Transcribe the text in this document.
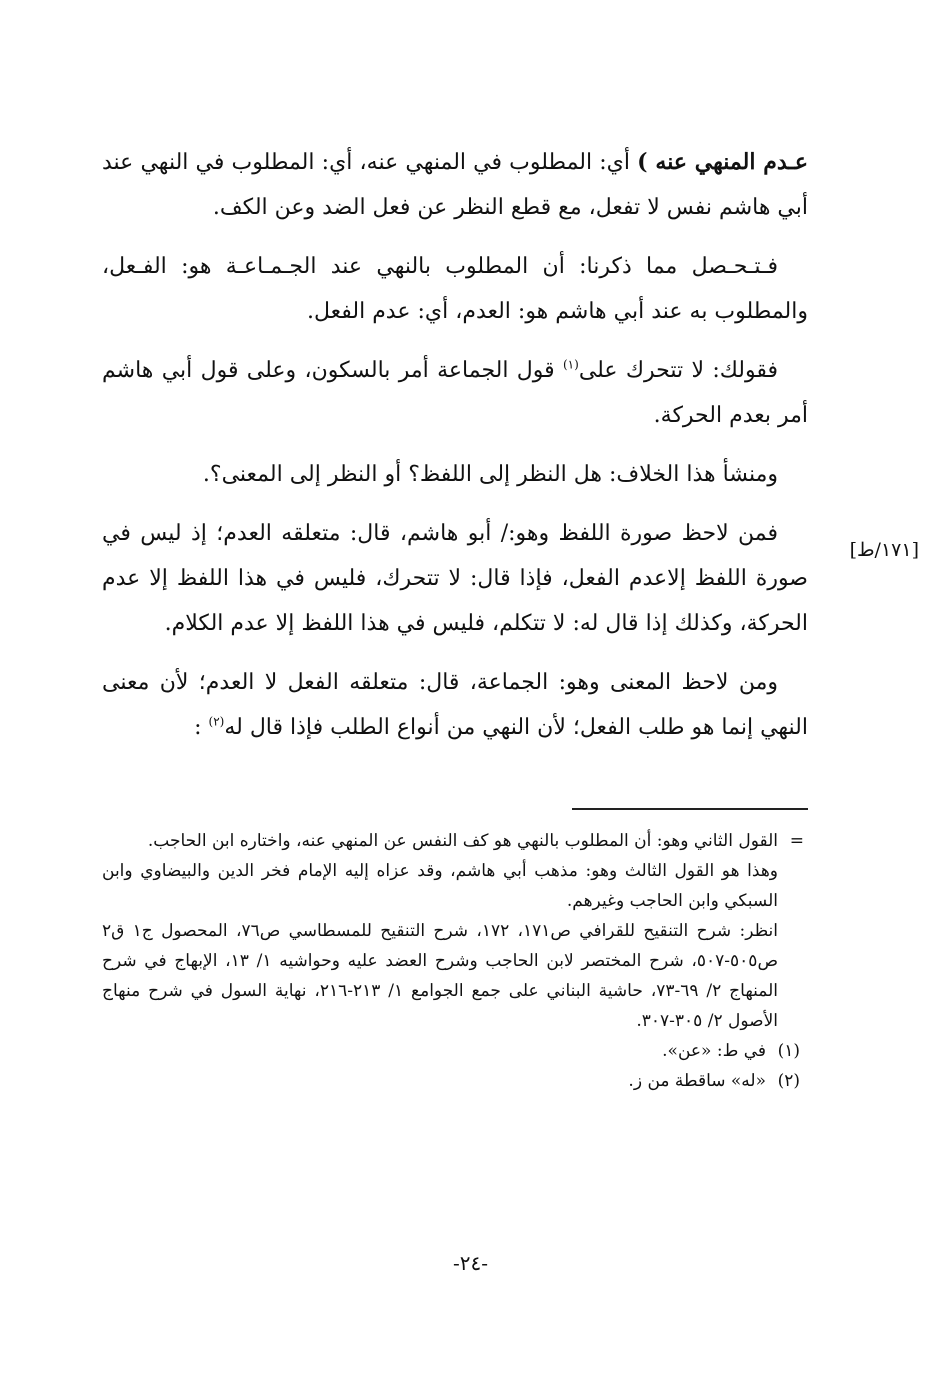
عـدم المنهي عنه ) أي: المطلوب في المنهي عنه، أي: المطلوب في النهي عند أبي هاشم نفس لا تفعل، مع قطع النظر عن فعل الضد وعن الكف.

فـتـحـصل مما ذكرنا: أن المطلوب بالنهي عند الجـمـاعـة هو: الفـعل، والمطلوب به عند أبي هاشم هو: العدم، أي: عدم الفعل.

فقولك: لا تتحرك على$^{(١)}$ قول الجماعة أمر بالسكون، وعلى قول أبي هاشم أمر بعدم الحركة.

ومنشأ هذا الخلاف: هل النظر إلى اللفظ؟ أو النظر إلى المعنى؟.

فمن لاحظ صورة اللفظ وهو:/ أبو هاشم، قال: متعلقه العدم؛ إذ ليس في صورة اللفظ إلاعدم الفعل، فإذا قال: لا تتحرك، فليس في هذا اللفظ إلا عدم الحركة، وكذلك إذا قال له: لا تتكلم، فليس في هذا اللفظ إلا عدم الكلام.

ومن لاحظ المعنى وهو: الجماعة، قال: متعلقه الفعل لا العدم؛ لأن معنى النهي إنما هو طلب الفعل؛ لأن النهي من أنواع الطلب فإذا قال له$^{(٢)}$ :

[١٧١/ط]

=
القول الثاني وهو: أن المطلوب بالنهي هو كف النفس عن المنهي عنه، واختاره ابن الحاجب.

وهذا هو القول الثالث وهو: مذهب أبي هاشم، وقد عزاه إليه الإمام فخر الدين والبيضاوي وابن السبكي وابن الحاجب وغيرهم.

انظر: شرح التنقيح للقرافي ص١٧١، ١٧٢، شرح التنقيح للمسطاسي ص٧٦، المحصول ج١ ق٢ ص٥٠٥-٥٠٧، شرح المختصر لابن الحاجب وشرح العضد عليه وحواشيه ١/ ١٣، الإبهاج في شرح المنهاج ٢/ ٦٩-٧٣، حاشية البناني على جمع الجوامع ١/ ٢١٣-٢١٦، نهاية السول في شرح منهاج الأصول ٢/ ٣٠٥-٣٠٧.

(١)في ط: «عن».

(٢)«له» ساقطة من ز.

-٢٤-
